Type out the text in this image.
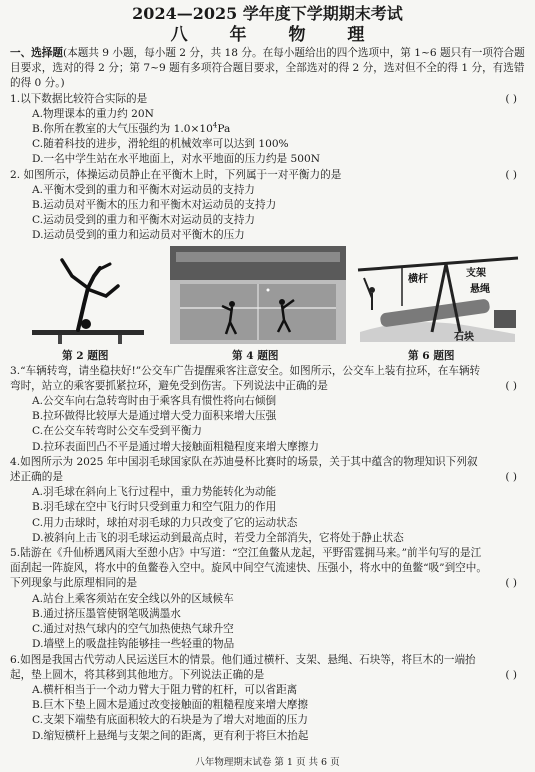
2024—2025 学年度下学期期末考试
八 年 物 理

一、选择题(本题共 9 小题，每小题 2 分，共 18 分。在每小题给出的四个选项中，第 1~6 题只有一项符合题目要求，选对的得 2 分；第 7~9 题有多项符合题目要求，全部选对的得 2 分，选对但不全的得 1 分，有选错的得 0 分。)

1.以下数据比较符合实际的是	( )
A.物理课本的重力约 20N
B.你所在教室的大气压强约为 $1.0\times 10^4Pa$
C.随着科技的进步，滑轮组的机械效率可以达到 100%
D.一名中学生站在水平地面上，对水平地面的压力约是 500N
2. 如图所示，体操运动员静止在平衡木上时，下列属于一对平衡力的是	( )
A.平衡木受到的重力和平衡木对运动员的支持力
B.运动员对平衡木的压力和平衡木对运动员的支持力
C.运动员受到的重力和平衡木对运动员的支持力
D.运动员受到的重力和运动员对平衡木的压力
横杆
支架
悬绳
石块
第 2 题图	第 4 题图	第 6 题图
3.“车辆转弯，请坐稳扶好!”公交车广告提醒乘客注意安全。如图所示，公交车上装有拉环，在车辆转弯时，站立的乘客要抓紧拉环，避免受到伤害。下列说法中正确的是	( )
A.公交车向右急转弯时由于乘客具有惯性将向右倾倒
B.拉环做得比较厚大是通过增大受力面积来增大压强
C.在公交车转弯时公交车受到平衡力
D.拉环表面凹凸不平是通过增大接触面粗糙程度来增大摩擦力
4.如图所示为 2025 年中国羽毛球国家队在苏迪曼杯比赛时的场景，关于其中蕴含的物理知识下列叙述正确的是	( )
A.羽毛球在斜向上飞行过程中，重力势能转化为动能
B.羽毛球在空中飞行时只受到重力和空气阻力的作用
C.用力击球时，球拍对羽毛球的力只改变了它的运动状态
D.被斜向上击飞的羽毛球运动到最高点时，若受力全部消失，它将处于静止状态
5.陆游在《升仙桥遇风雨大至憩小店》中写道：“空江鱼鳖从龙起，平野雷霆拥马来。”前半句写的是江面刮起一阵旋风，将水中的鱼鳖卷入空中。旋风中间空气流速快、压强小，将水中的鱼鳖“吸”到空中。下列现象与此原理相同的是	( )
A.站台上乘客须站在安全线以外的区域候车
B.通过挤压墨管使钢笔吸满墨水
C.通过对热气球内的空气加热使热气球升空
D.墙壁上的吸盘挂钩能够挂一些轻重的物品
6.如图是我国古代劳动人民运送巨木的情景。他们通过横杆、支架、悬绳、石块等，将巨木的一端抬起，垫上圆木，将其移到其他地方。下列说法正确的是	( )
A.横杆相当于一个动力臂大于阻力臂的杠杆，可以省距离
B.巨木下垫上圆木是通过改变接触面的粗糙程度来增大摩擦
C.支架下端垫有底面积较大的石块是为了增大对地面的压力
D.缩短横杆上悬绳与支架之间的距离，更有利于将巨木抬起
八年物理期末试卷 第 1 页 共 6 页
